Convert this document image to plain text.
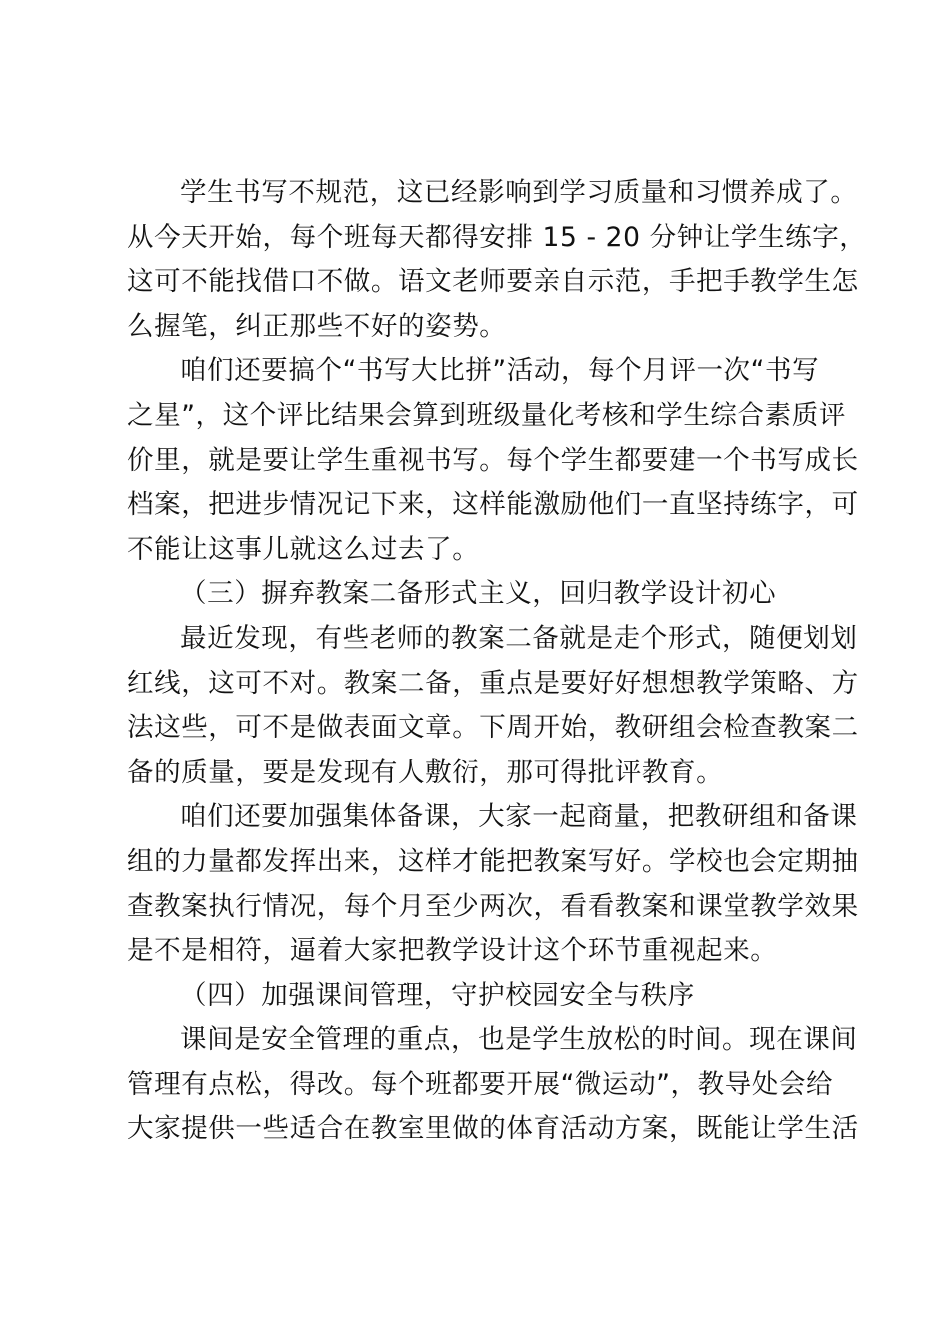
学生书写不规范，这已经影响到学习质量和习惯养成了。
从今天开始，每个班每天都得安排 15 - 20 分钟让学生练字，
这可不能找借口不做。语文老师要亲自示范，手把手教学生怎
么握笔，纠正那些不好的姿势。
咱们还要搞个“书写大比拼”活动，每个月评一次“书写
之星”，这个评比结果会算到班级量化考核和学生综合素质评
价里，就是要让学生重视书写。每个学生都要建一个书写成长
档案，把进步情况记下来，这样能激励他们一直坚持练字，可
不能让这事儿就这么过去了。
（三）摒弃教案二备形式主义，回归教学设计初心
最近发现，有些老师的教案二备就是走个形式，随便划划
红线，这可不对。教案二备，重点是要好好想想教学策略、方
法这些，可不是做表面文章。下周开始，教研组会检查教案二
备的质量，要是发现有人敷衍，那可得批评教育。
咱们还要加强集体备课，大家一起商量，把教研组和备课
组的力量都发挥出来，这样才能把教案写好。学校也会定期抽
查教案执行情况，每个月至少两次，看看教案和课堂教学效果
是不是相符，逼着大家把教学设计这个环节重视起来。
（四）加强课间管理，守护校园安全与秩序
课间是安全管理的重点，也是学生放松的时间。现在课间
管理有点松，得改。每个班都要开展“微运动”，教导处会给
大家提供一些适合在教室里做的体育活动方案，既能让学生活
